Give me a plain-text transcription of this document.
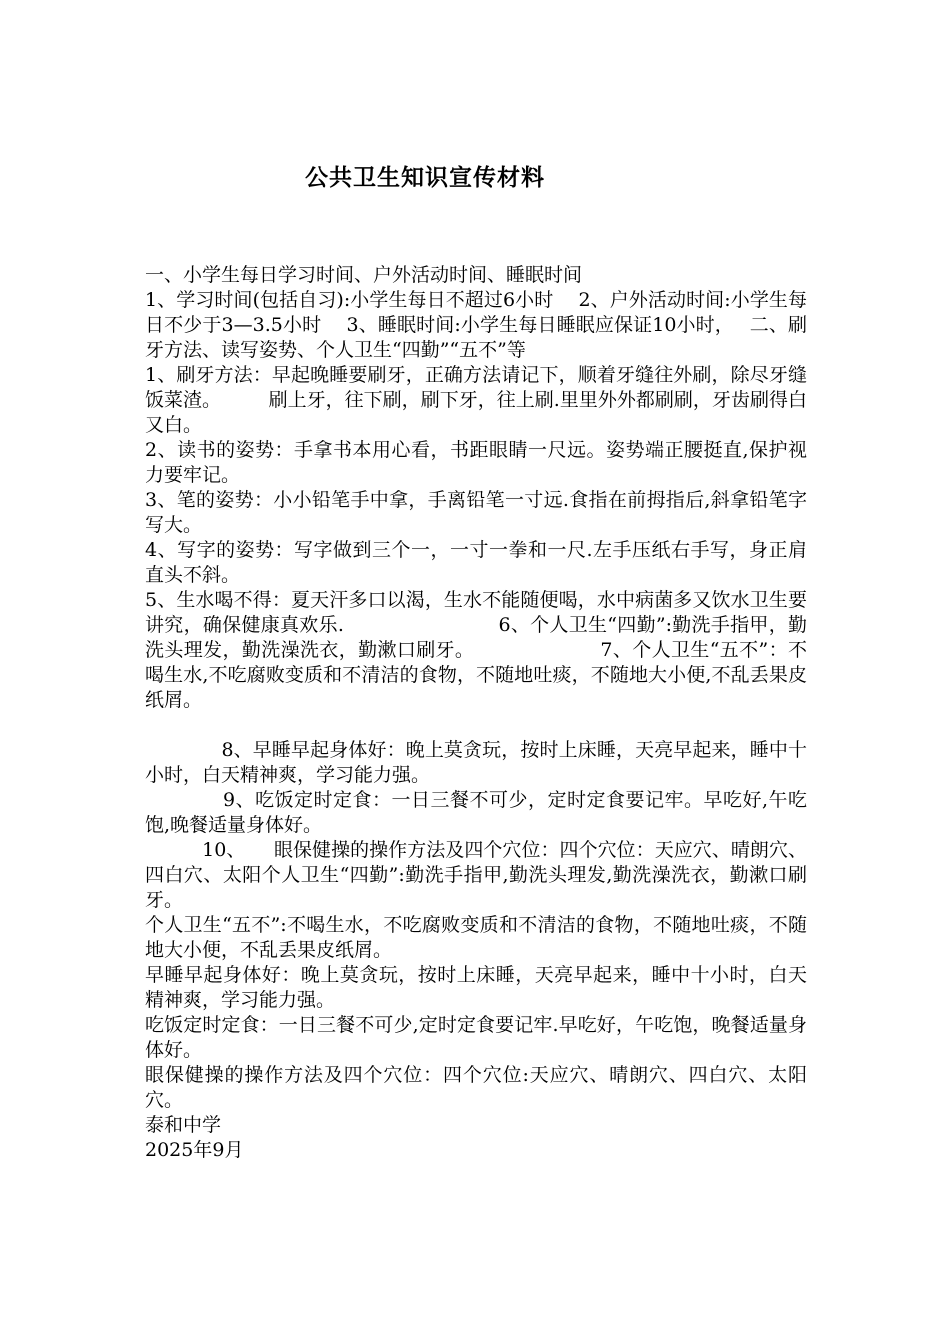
公共卫生知识宣传材料

一、小学生每日学习时间、户外活动时间、睡眠时间

1、学习时间(包括自习):小学生每日不超过6小时　 2、户外活动时间:小学生每日不少于3—3.5小时　 3、睡眠时间:小学生每日睡眠应保证10小时，　 二、刷牙方法、读写姿势、个人卫生“四勤”“五不”等

1、刷牙方法：早起晚睡要刷牙，正确方法请记下，顺着牙缝往外刷，除尽牙缝饭菜渣。　　　刷上牙，往下刷，刷下牙，往上刷.里里外外都刷刷，牙齿刷得白又白。

2、读书的姿势：手拿书本用心看，书距眼睛一尺远。姿势端正腰挺直,保护视力要牢记。

3、笔的姿势：小小铅笔手中拿，手离铅笔一寸远.食指在前拇指后,斜拿铅笔字写大。

4、写字的姿势：写字做到三个一，一寸一拳和一尺.左手压纸右手写，身正肩直头不斜。

5、生水喝不得：夏天汗多口以渴，生水不能随便喝，水中病菌多又饮水卫生要讲究，确保健康真欢乐.　　　　　　　　6、个人卫生“四勤”:勤洗手指甲，勤洗头理发，勤洗澡洗衣，勤漱口刷牙。　　　　　　　7、个人卫生“五不”：不喝生水,不吃腐败变质和不清洁的食物，不随地吐痰，不随地大小便,不乱丢果皮纸屑。

　　　　8、早睡早起身体好：晚上莫贪玩，按时上床睡，天亮早起来，睡中十小时，白天精神爽，学习能力强。

　　　　9、吃饭定时定食：一日三餐不可少，定时定食要记牢。早吃好,午吃饱,晚餐适量身体好。

　　　10、　　眼保健操的操作方法及四个穴位：四个穴位：天应穴、晴朗穴、四白穴、太阳个人卫生“四勤”:勤洗手指甲,勤洗头理发,勤洗澡洗衣，勤漱口刷牙。

个人卫生“五不”:不喝生水，不吃腐败变质和不清洁的食物，不随地吐痰，不随地大小便，不乱丢果皮纸屑。

早睡早起身体好：晚上莫贪玩，按时上床睡，天亮早起来，睡中十小时，白天精神爽，学习能力强。

吃饭定时定食：一日三餐不可少,定时定食要记牢.早吃好，午吃饱，晚餐适量身体好。

眼保健操的操作方法及四个穴位：四个穴位:天应穴、晴朗穴、四白穴、太阳穴。

泰和中学

2025年9月
